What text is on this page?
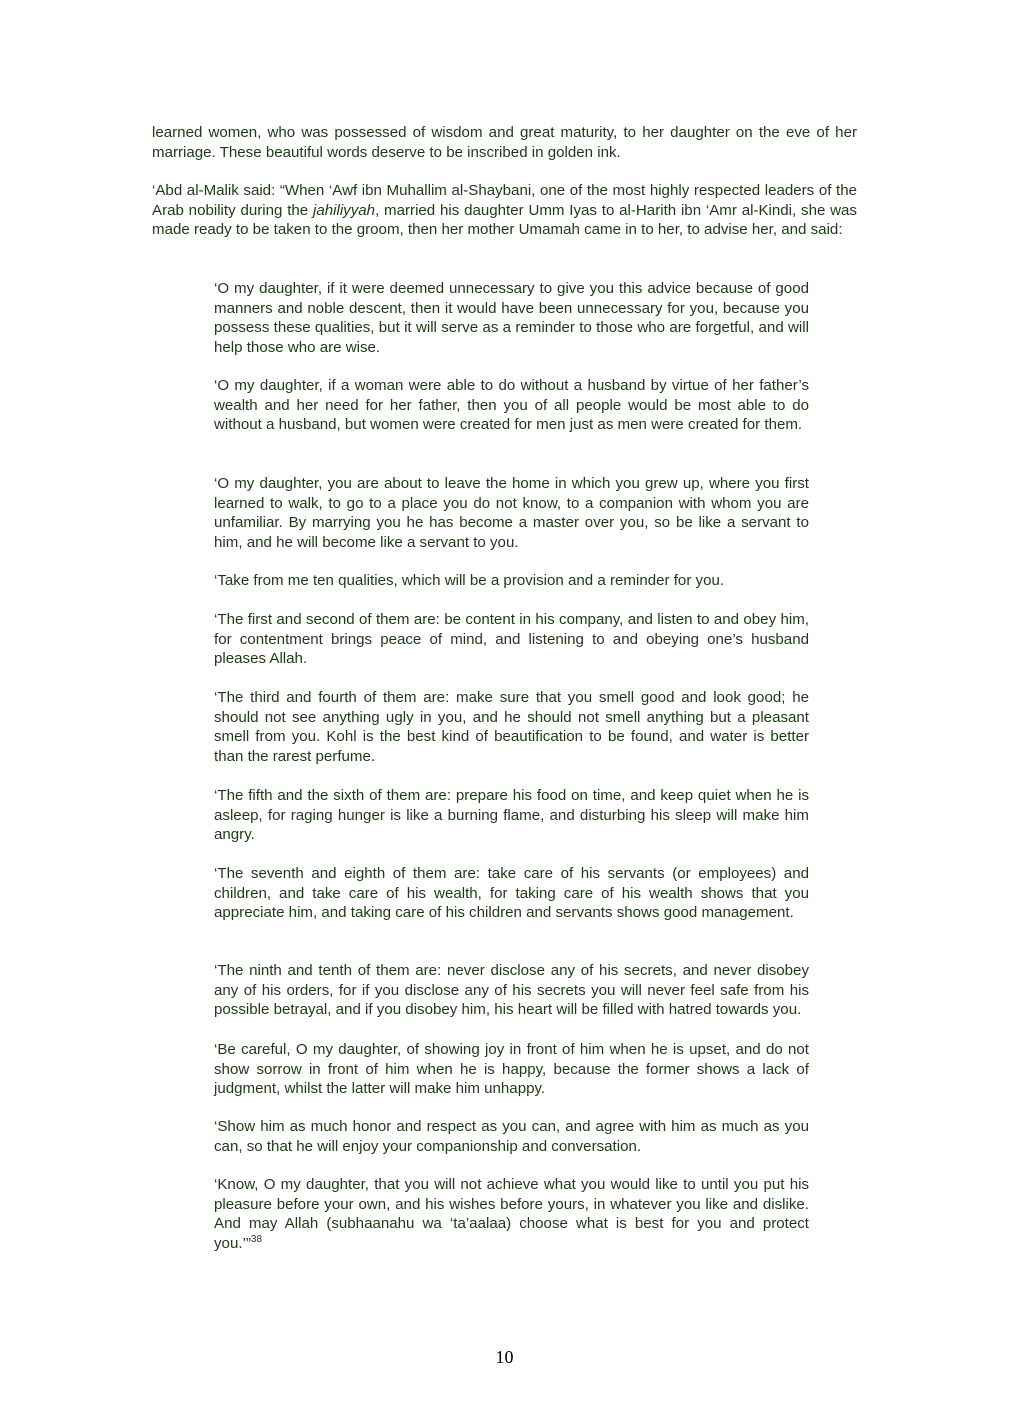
learned women, who was possessed of wisdom and great maturity, to her daughter on the eve of her marriage. These beautiful words deserve to be inscribed in golden ink.

‘Abd al-Malik said: “When ‘Awf ibn Muhallim al-Shaybani, one of the most highly respected leaders of the Arab nobility during the jahiliyyah, married his daughter Umm Iyas to al-Harith ibn ‘Amr al-Kindi, she was made ready to be taken to the groom, then her mother Umamah came in to her, to advise her, and said:

‘O my daughter, if it were deemed unnecessary to give you this advice because of good manners and noble descent, then it would have been unnecessary for you, because you possess these qualities, but it will serve as a reminder to those who are forgetful, and will help those who are wise.

‘O my daughter, if a woman were able to do without a husband by virtue of her father’s wealth and her need for her father, then you of all people would be most able to do without a husband, but women were created for men just as men were created for them.

‘O my daughter, you are about to leave the home in which you grew up, where you first learned to walk, to go to a place you do not know, to a companion with whom you are unfamiliar. By marrying you he has become a master over you, so be like a servant to him, and he will become like a servant to you.

‘Take from me ten qualities, which will be a provision and a reminder for you.

‘The first and second of them are: be content in his company, and listen to and obey him, for contentment brings peace of mind, and listening to and obeying one’s husband pleases Allah.

‘The third and fourth of them are: make sure that you smell good and look good; he should not see anything ugly in you, and he should not smell anything but a pleasant smell from you. Kohl is the best kind of beautification to be found, and water is better than the rarest perfume.

‘The fifth and the sixth of them are: prepare his food on time, and keep quiet when he is asleep, for raging hunger is like a burning flame, and disturbing his sleep will make him angry.

‘The seventh and eighth of them are: take care of his servants (or employees) and children, and take care of his wealth, for taking care of his wealth shows that you appreciate him, and taking care of his children and servants shows good management.

‘The ninth and tenth of them are: never disclose any of his secrets, and never disobey any of his orders, for if you disclose any of his secrets you will never feel safe from his possible betrayal, and if you disobey him, his heart will be filled with hatred towards you.

‘Be careful, O my daughter, of showing joy in front of him when he is upset, and do not show sorrow in front of him when he is happy, because the former shows a lack of judgment, whilst the latter will make him unhappy.

‘Show him as much honor and respect as you can, and agree with him as much as you can, so that he will enjoy your companionship and conversation.

‘Know, O my daughter, that you will not achieve what you would like to until you put his pleasure before your own, and his wishes before yours, in whatever you like and dislike. And may Allah (subhaanahu wa ‘ta’aalaa) choose what is best for you and protect you.’”$^{38}$

10
